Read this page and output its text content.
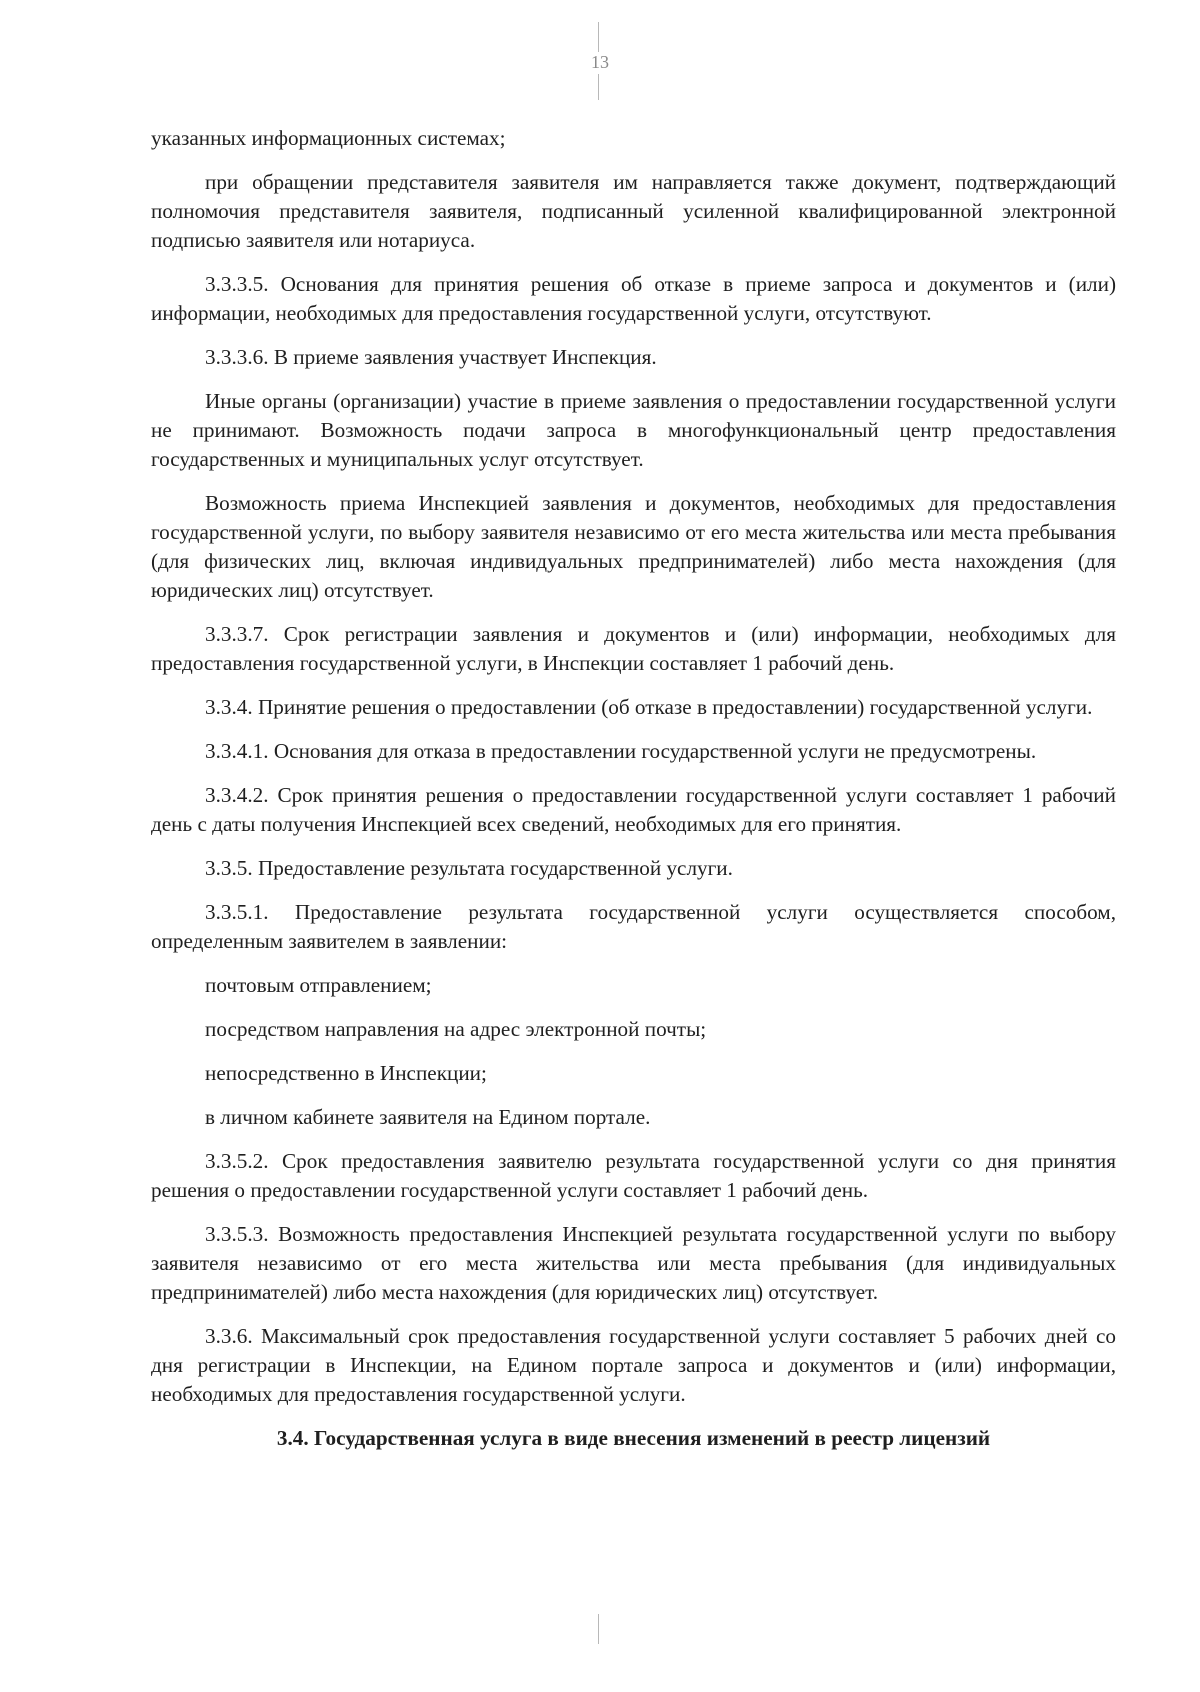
13

указанных информационных системах;

при обращении представителя заявителя им направляется также документ, подтверждающий полномочия представителя заявителя, подписанный усиленной квалифицированной электронной подписью заявителя или нотариуса.

3.3.3.5. Основания для принятия решения об отказе в приеме запроса и документов и (или) информации, необходимых для предоставления государственной услуги, отсутствуют.

3.3.3.6. В приеме заявления участвует Инспекция.

Иные органы (организации) участие в приеме заявления о предоставлении государственной услуги не принимают. Возможность подачи запроса в многофункциональный центр предоставления государственных и муниципальных услуг отсутствует.

Возможность приема Инспекцией заявления и документов, необходимых для предоставления государственной услуги, по выбору заявителя независимо от его места жительства или места пребывания (для физических лиц, включая индивидуальных предпринимателей) либо места нахождения (для юридических лиц) отсутствует.

3.3.3.7. Срок регистрации заявления и документов и (или) информации, необходимых для предоставления государственной услуги, в Инспекции составляет 1 рабочий день.

3.3.4. Принятие решения о предоставлении (об отказе в предоставлении) государственной услуги.

3.3.4.1. Основания для отказа в предоставлении государственной услуги не предусмотрены.

3.3.4.2. Срок принятия решения о предоставлении государственной услуги составляет 1 рабочий день с даты получения Инспекцией всех сведений, необходимых для его принятия.

3.3.5. Предоставление результата государственной услуги.

3.3.5.1. Предоставление результата государственной услуги осуществляется способом, определенным заявителем в заявлении:

почтовым отправлением;

посредством направления на адрес электронной почты;

непосредственно в Инспекции;

в личном кабинете заявителя на Едином портале.

3.3.5.2. Срок предоставления заявителю результата государственной услуги со дня принятия решения о предоставлении государственной услуги составляет 1 рабочий день.

3.3.5.3. Возможность предоставления Инспекцией результата государственной услуги по выбору заявителя независимо от его места жительства или места пребывания (для индивидуальных предпринимателей) либо места нахождения (для юридических лиц) отсутствует.

3.3.6. Максимальный срок предоставления государственной услуги составляет 5 рабочих дней со дня регистрации в Инспекции, на Едином портале запроса и документов и (или) информации, необходимых для предоставления государственной услуги.

3.4. Государственная услуга в виде внесения изменений в реестр лицензий
